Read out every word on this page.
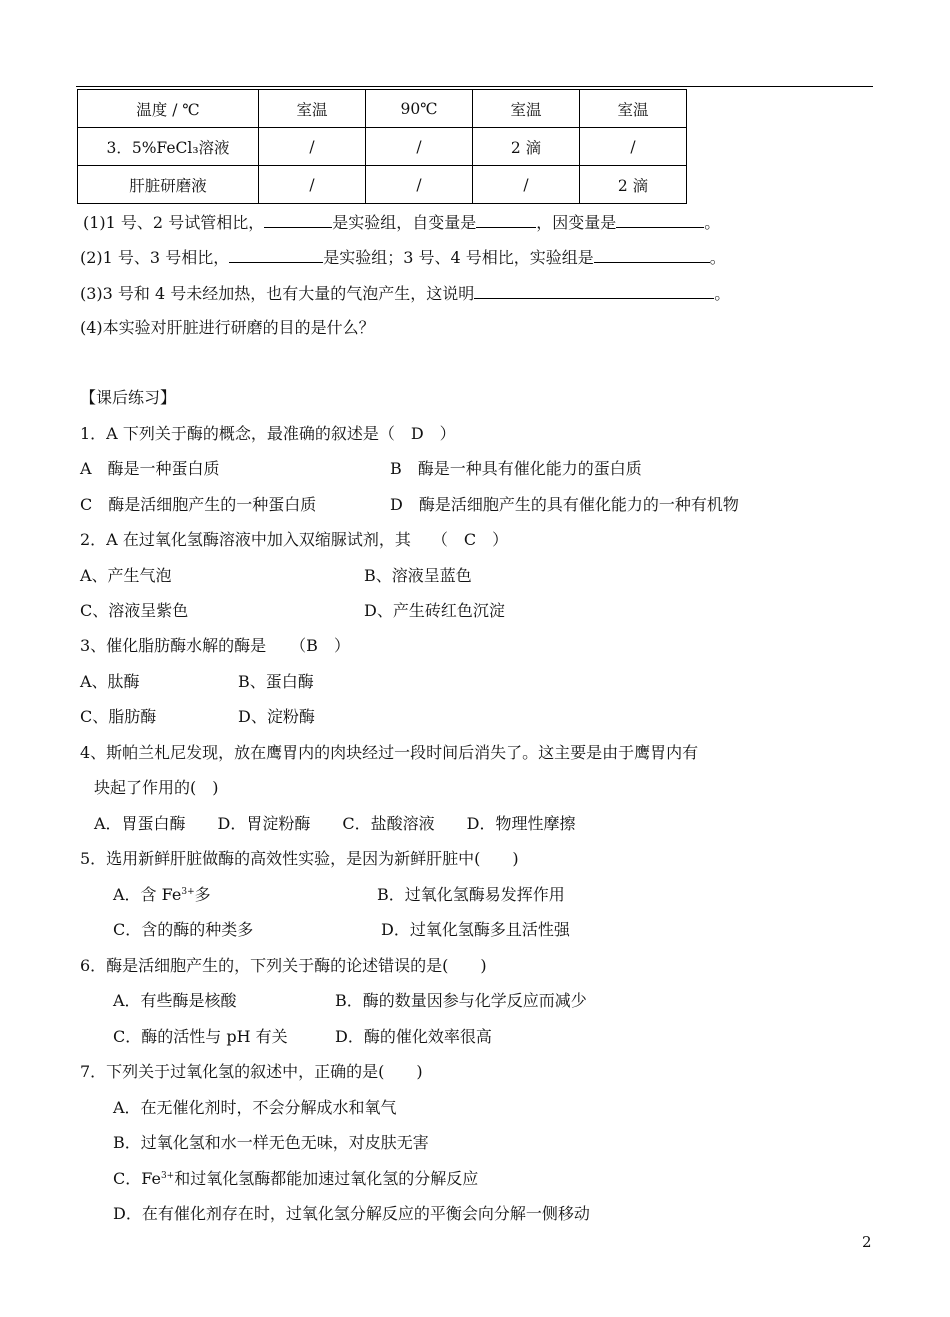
温度 / ℃	室温	90℃	室温	室温
3．5%FeCl₃溶液	/	/	2 滴	/
肝脏研磨液	/	/	/	2 滴
(1)1 号、2 号试管相比，	是实验组，自变量是	，因变量是	。
(2)1 号、3 号相比，	是实验组；3 号、4 号相比，实验组是	。
(3)3 号和 4 号未经加热，也有大量的气泡产生，这说明	。
(4)本实验对肝脏进行研磨的目的是什么？
【课后练习】
1．A 下列关于酶的概念，最准确的叙述是（　D　）
A　酶是一种蛋白质	B　酶是一种具有催化能力的蛋白质
C　酶是活细胞产生的一种蛋白质	D　酶是活细胞产生的具有催化能力的一种有机物
2．A 在过氧化氢酶溶液中加入双缩脲试剂，其　 （　C　）
A、产生气泡	B、溶液呈蓝色
C、溶液呈紫色	D、产生砖红色沉淀
3、催化脂肪酶水解的酶是　　（B　）
A、肽酶	B、蛋白酶
C、脂肪酶	D、淀粉酶
4、斯帕兰札尼发现，放在鹰胃内的肉块经过一段时间后消失了。这主要是由于鹰胃内有
块起了作用的(　)
A．胃蛋白酶　　D．胃淀粉酶　　C．盐酸溶液　　D．物理性摩擦
5．选用新鲜肝脏做酶的高效性实验，是因为新鲜肝脏中(　　)
A．含 $Fe^{3+}$多	B．过氧化氢酶易发挥作用
C．含的酶的种类多	D．过氧化氢酶多且活性强
6．酶是活细胞产生的，下列关于酶的论述错误的是(　　)
A．有些酶是核酸	B．酶的数量因参与化学反应而减少
C．酶的活性与 pH 有关	D．酶的催化效率很高
7．下列关于过氧化氢的叙述中，正确的是(　　)
A．在无催化剂时，不会分解成水和氧气
B．过氧化氢和水一样无色无味，对皮肤无害
C．$Fe^{3+}$和过氧化氢酶都能加速过氧化氢的分解反应
D．在有催化剂存在时，过氧化氢分解反应的平衡会向分解一侧移动
2
